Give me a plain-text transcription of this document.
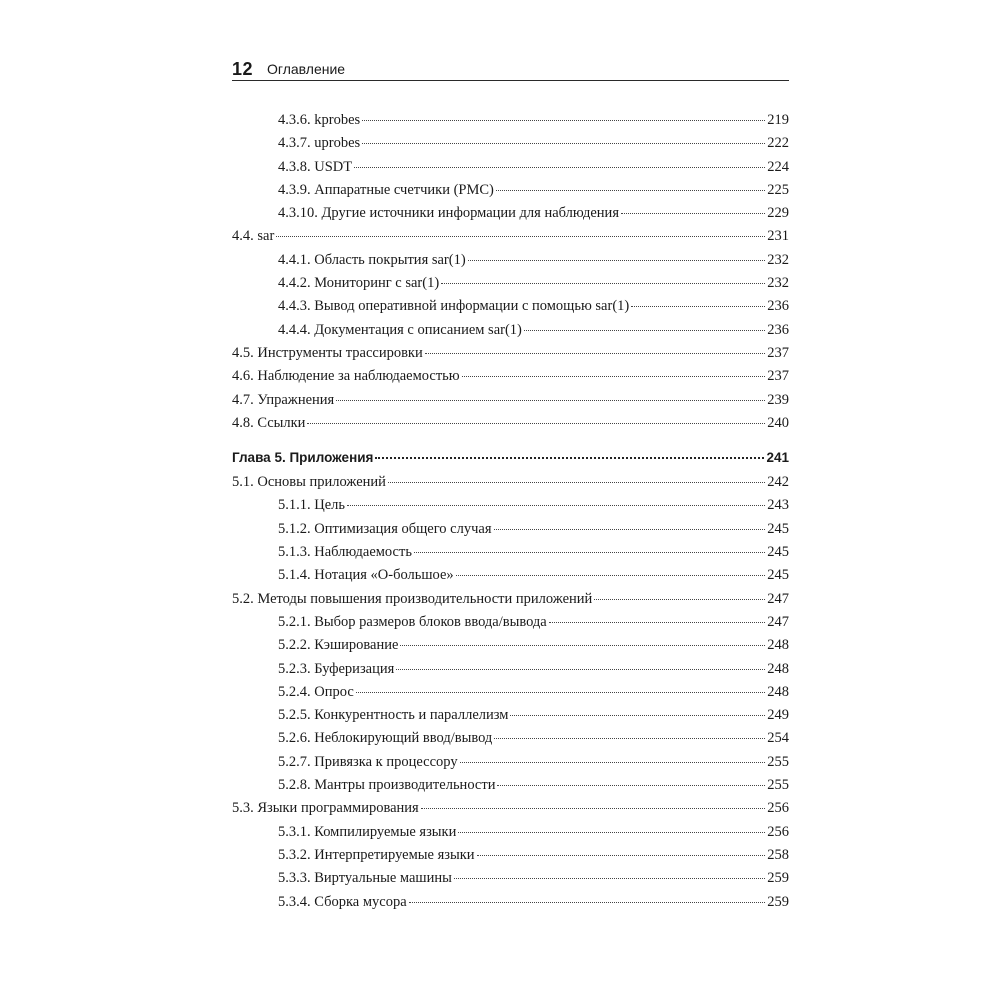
12 Оглавление
4.3.6. kprobes	219
4.3.7. uprobes	222
4.3.8. USDT	224
4.3.9. Аппаратные счетчики (PMC)	225
4.3.10. Другие источники информации для наблюдения	229
4.4. sar	231
4.4.1. Область покрытия sar(1)	232
4.4.2. Мониторинг с sar(1)	232
4.4.3. Вывод оперативной информации с помощью sar(1)	236
4.4.4. Документация с описанием sar(1)	236
4.5. Инструменты трассировки	237
4.6. Наблюдение за наблюдаемостью	237
4.7. Упражнения	239
4.8. Ссылки	240
Глава 5. Приложения	241
5.1. Основы приложений	242
5.1.1. Цель	243
5.1.2. Оптимизация общего случая	245
5.1.3. Наблюдаемость	245
5.1.4. Нотация «О-большое»	245
5.2. Методы повышения производительности приложений	247
5.2.1. Выбор размеров блоков ввода/вывода	247
5.2.2. Кэширование	248
5.2.3. Буферизация	248
5.2.4. Опрос	248
5.2.5. Конкурентность и параллелизм	249
5.2.6. Неблокирующий ввод/вывод	254
5.2.7. Привязка к процессору	255
5.2.8. Мантры производительности	255
5.3. Языки программирования	256
5.3.1. Компилируемые языки	256
5.3.2. Интерпретируемые языки	258
5.3.3. Виртуальные машины	259
5.3.4. Сборка мусора	259
